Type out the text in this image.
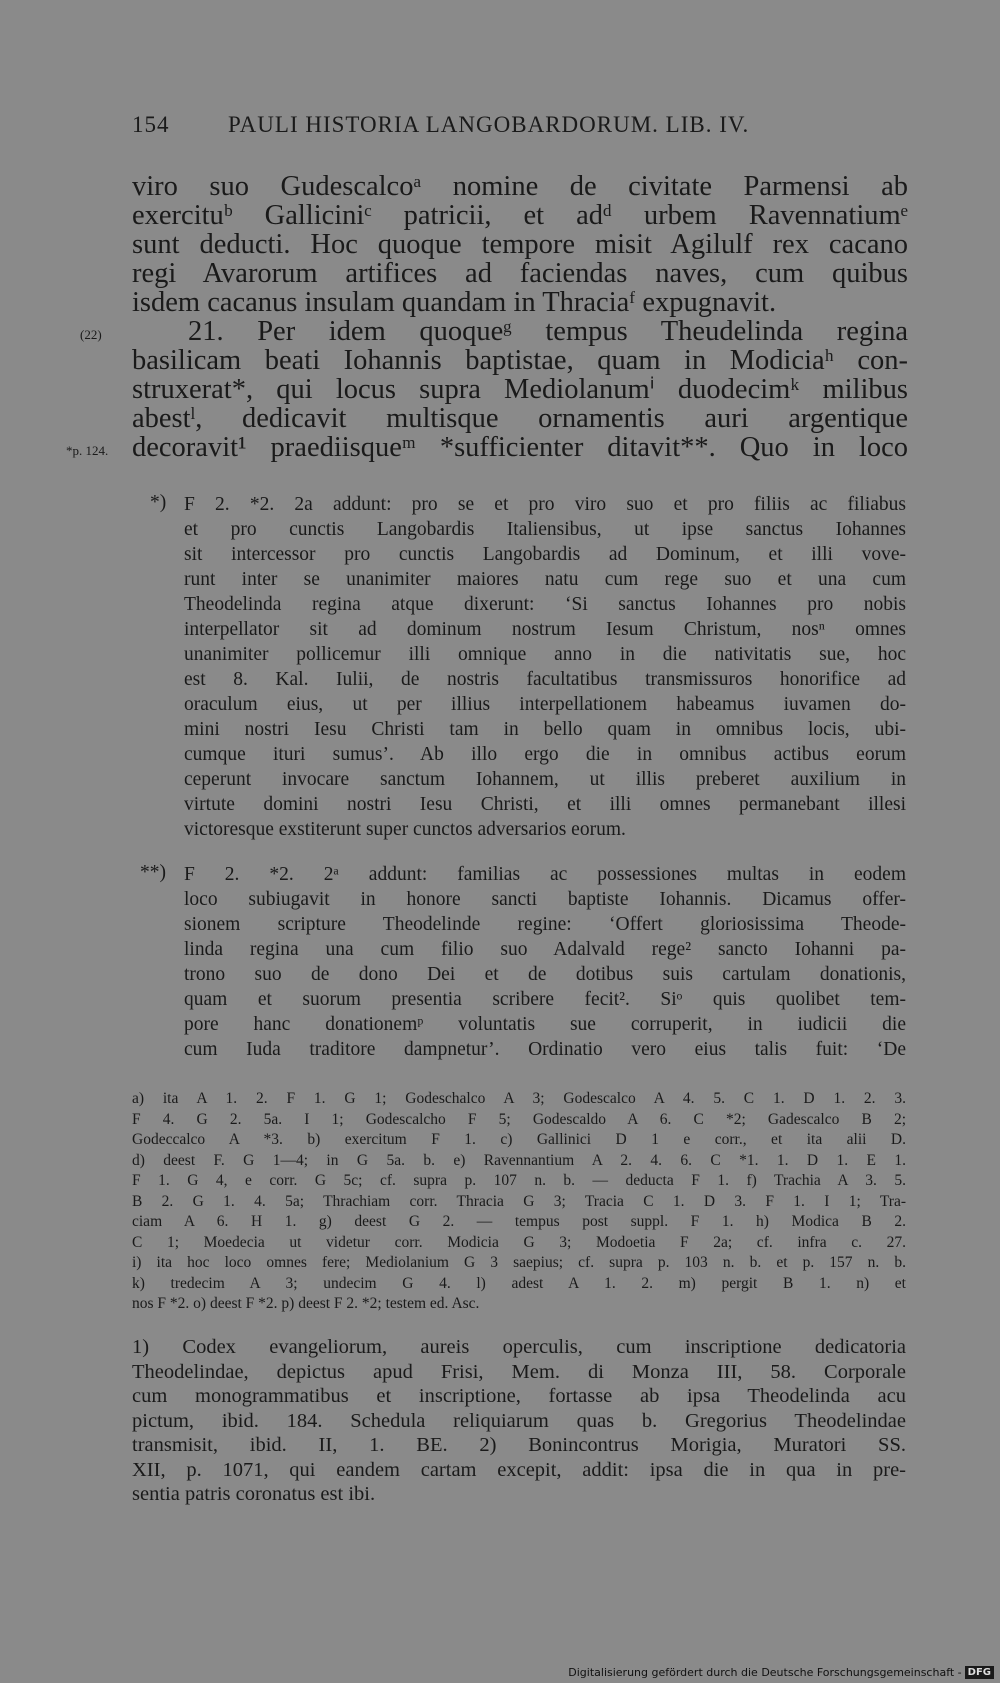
154	PAULI HISTORIA LANGOBARDORUM. LIB. IV.
(22)
*p. 124.
viro suo Gudescalcoᵃ nomine de civitate Parmensi ab
exercituᵇ Galliciniᶜ patricii, et adᵈ urbem Ravennatiumᵉ
sunt deducti. Hoc quoque tempore misit Agilulf rex cacano
regi Avarorum artifices ad faciendas naves, cum quibus
isdem cacanus insulam quandam in Thraciaᶠ expugnavit.
21. Per idem quoqueᵍ tempus Theudelinda regina
basilicam beati Iohannis baptistae, quam in Modiciaʰ con-
struxerat*, qui locus supra Mediolanumⁱ duodecimᵏ milibus
abestˡ, dedicavit multisque ornamentis auri argentique
decoravit¹ praediisqueᵐ *sufficienter ditavit**. Quo in loco
*) F 2. *2. 2a addunt: pro se et pro viro suo et pro filiis ac filiabus
et pro cunctis Langobardis Italiensibus, ut ipse sanctus Iohannes
sit intercessor pro cunctis Langobardis ad Dominum, et illi vove-
runt inter se unanimiter maiores natu cum rege suo et una cum
Theodelinda regina atque dixerunt: ‘Si sanctus Iohannes pro nobis
interpellator sit ad dominum nostrum Iesum Christum, nosⁿ omnes
unanimiter pollicemur illi omnique anno in die nativitatis sue, hoc
est 8. Kal. Iulii, de nostris facultatibus transmissuros honorifice ad
oraculum eius, ut per illius interpellationem habeamus iuvamen do-
mini nostri Iesu Christi tam in bello quam in omnibus locis, ubi-
cumque ituri sumus’. Ab illo ergo die in omnibus actibus eorum
ceperunt invocare sanctum Iohannem, ut illis preberet auxilium in
virtute domini nostri Iesu Christi, et illi omnes permanebant illesi
victoresque exstiterunt super cunctos adversarios eorum.
**) F 2. *2. 2ᵃ addunt: familias ac possessiones multas in eodem
loco subiugavit in honore sancti baptiste Iohannis. Dicamus offer-
sionem scripture Theodelinde regine: ‘Offert gloriosissima Theode-
linda regina una cum filio suo Adalvald rege² sancto Iohanni pa-
trono suo de dono Dei et de dotibus suis cartulam donationis,
quam et suorum presentia scribere fecit². Siᵒ quis quolibet tem-
pore hanc donationemᵖ voluntatis sue corruperit, in iudicii die
cum Iuda traditore dampnetur’. Ordinatio vero eius talis fuit: ‘De
a) ita A 1. 2. F 1. G 1; Godeschalco A 3; Godescalco A 4. 5. C 1. D 1. 2. 3.
F 4. G 2. 5a. I 1; Godescalcho F 5; Godescaldo A 6. C *2; Gadescalco B 2;
Godeccalco A *3. b) exercitum F 1. c) Gallinici D 1 e corr., et ita alii D.
d) deest F. G 1—4; in G 5a. b. e) Ravennantium A 2. 4. 6. C *1. 1. D 1. E 1.
F 1. G 4, e corr. G 5c; cf. supra p. 107 n. b. — deducta F 1. f) Trachia A 3. 5.
B 2. G 1. 4. 5a; Thrachiam corr. Thracia G 3; Tracia C 1. D 3. F 1. I 1; Tra-
ciam A 6. H 1. g) deest G 2. — tempus post suppl. F 1. h) Modica B 2.
C 1; Moedecia ut videtur corr. Modicia G 3; Modoetia F 2a; cf. infra c. 27.
i) ita hoc loco omnes fere; Mediolanium G 3 saepius; cf. supra p. 103 n. b. et p. 157 n. b.
k) tredecim A 3; undecim G 4. l) adest A 1. 2. m) pergit B 1. n) et
nos F *2. o) deest F *2. p) deest F 2. *2; testem ed. Asc.
1) Codex evangeliorum, aureis operculis, cum inscriptione dedicatoria
Theodelindae, depictus apud Frisi, Mem. di Monza III, 58. Corporale
cum monogrammatibus et inscriptione, fortasse ab ipsa Theodelinda acu
pictum, ibid. 184. Schedula reliquiarum quas b. Gregorius Theodelindae
transmisit, ibid. II, 1. BE. 2) Bonincontrus Morigia, Muratori SS.
XII, p. 1071, qui eandem cartam excepit, addit: ipsa die in qua in pre-
sentia patris coronatus est ibi.
Digitalisierung gefördert durch die Deutsche Forschungsgemeinschaft - DFG
